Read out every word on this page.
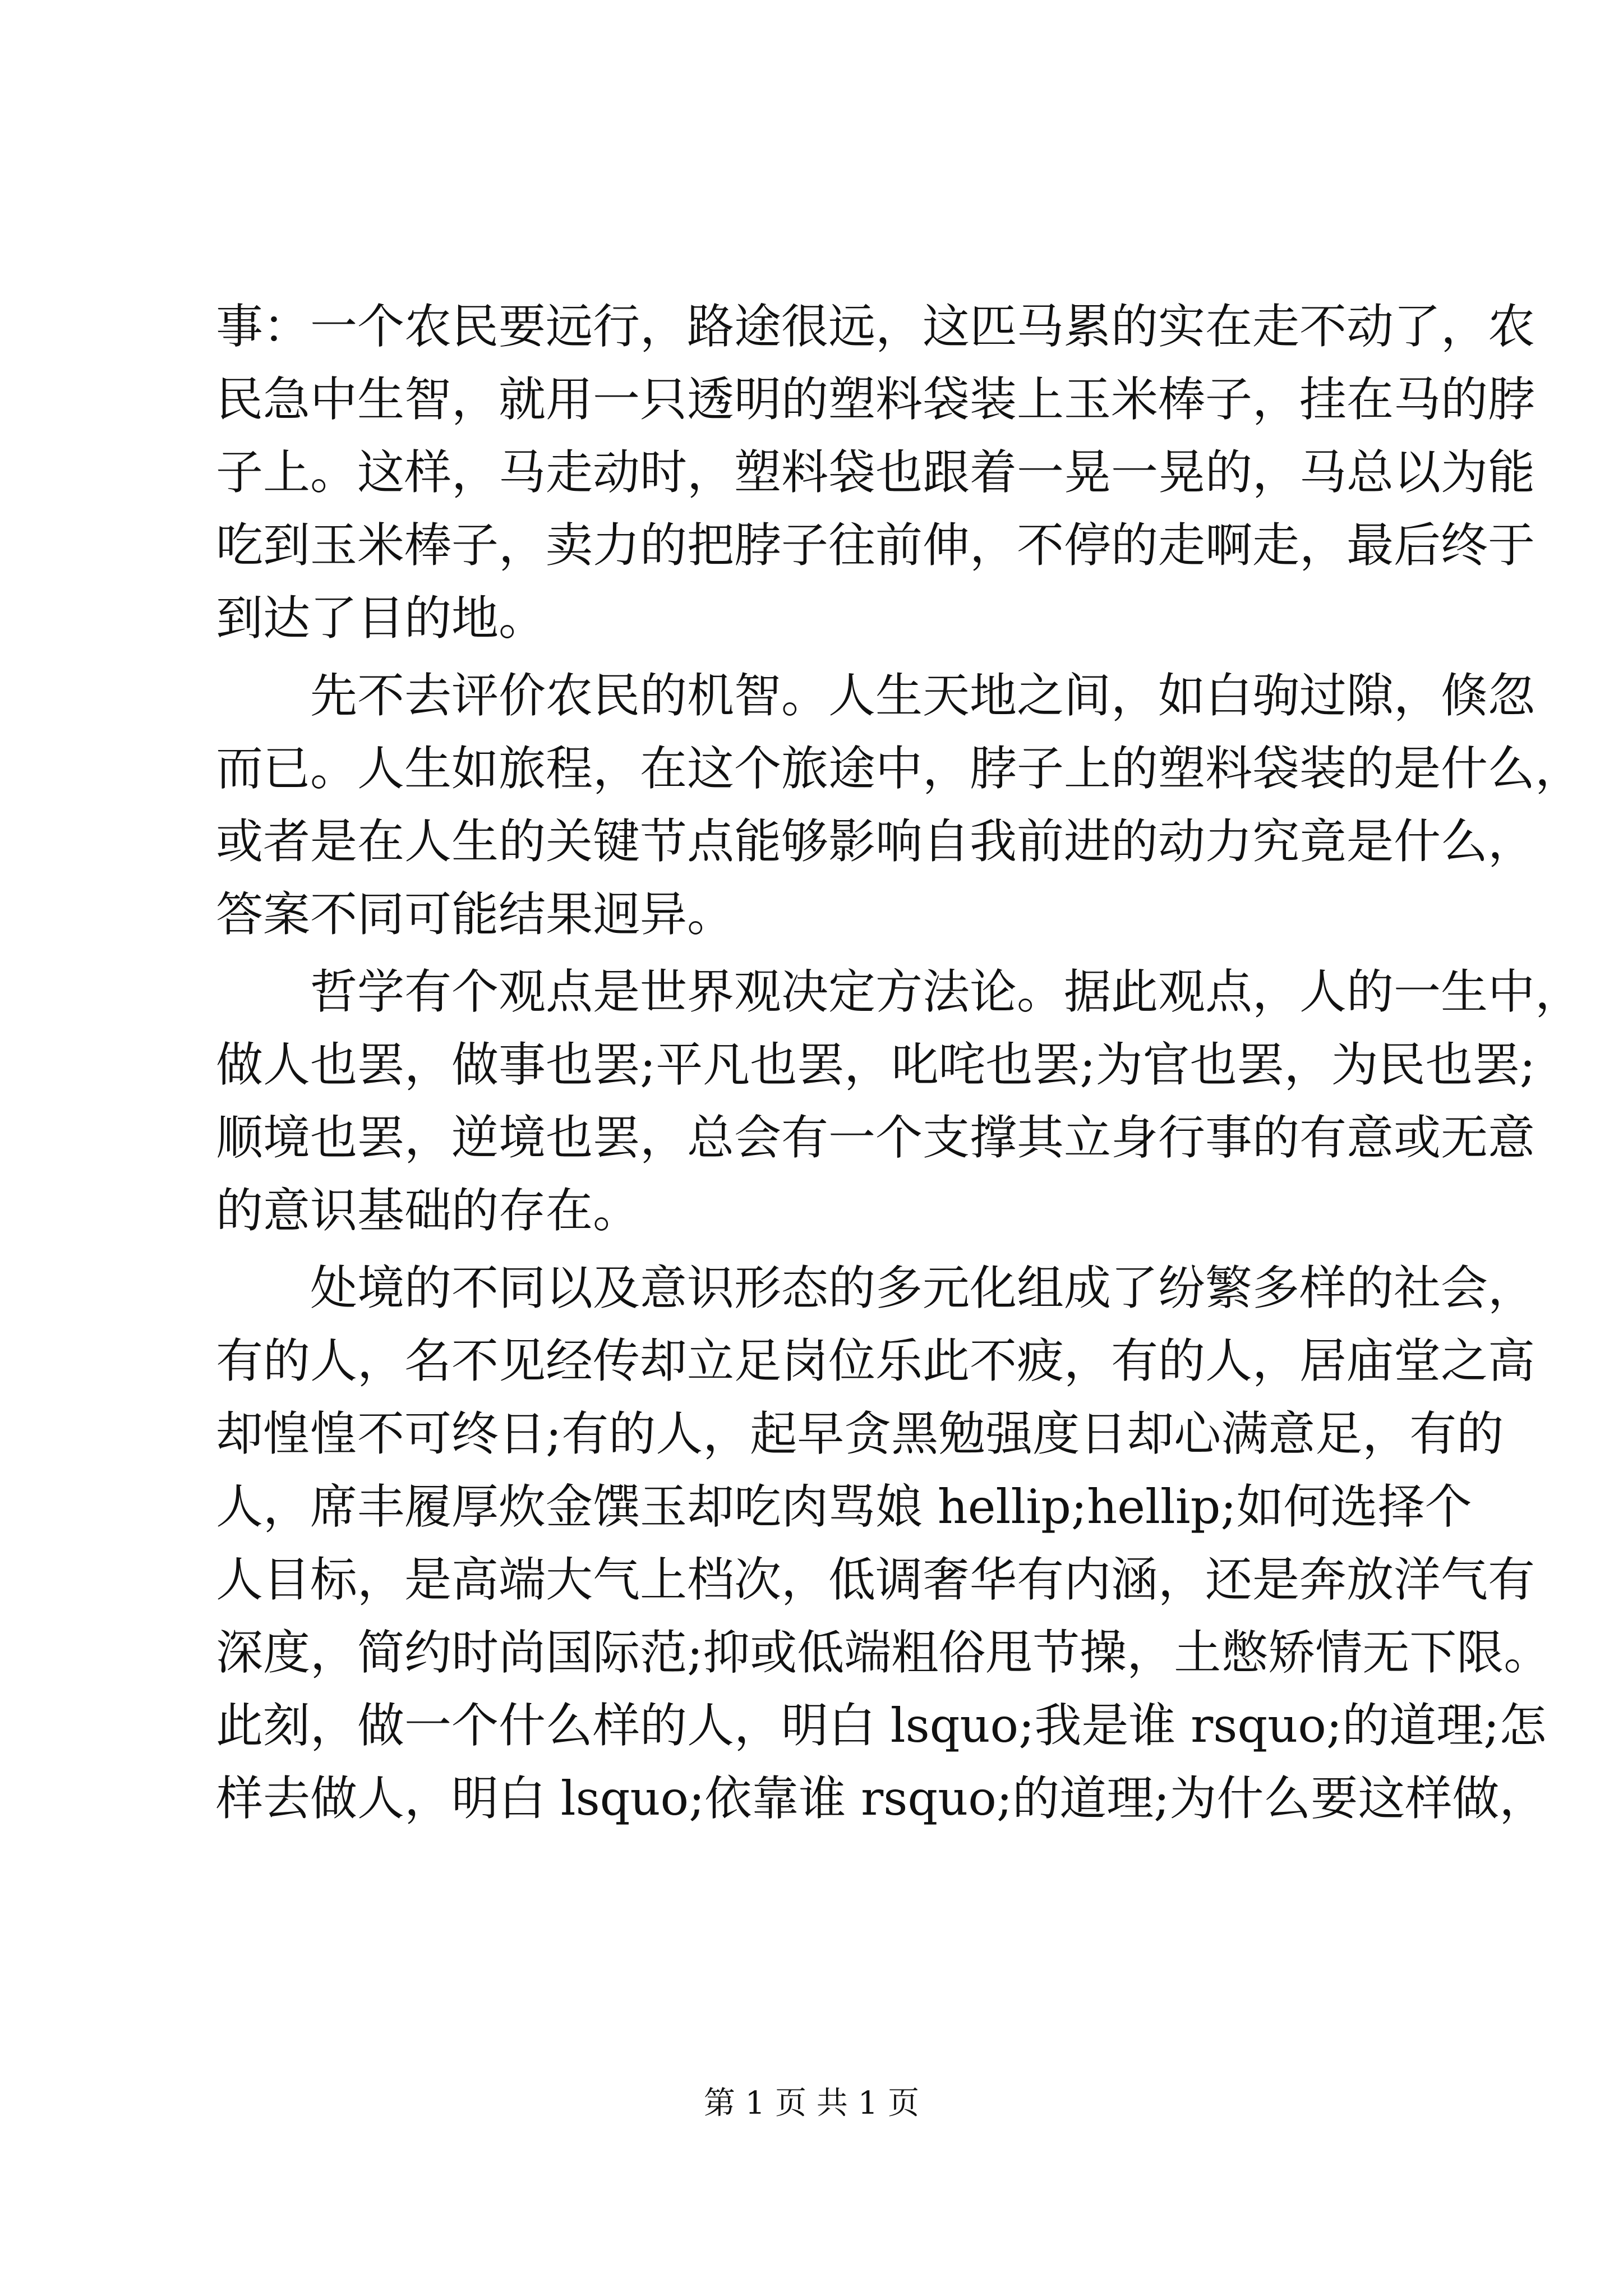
事：一个农民要远行，路途很远，这匹马累的实在走不动了，农
民急中生智，就用一只透明的塑料袋装上玉米棒子，挂在马的脖
子上。这样，马走动时，塑料袋也跟着一晃一晃的，马总以为能
吃到玉米棒子，卖力的把脖子往前伸，不停的走啊走，最后终于
到达了目的地。
先不去评价农民的机智。人生天地之间，如白驹过隙，倏忽
而已。人生如旅程，在这个旅途中，脖子上的塑料袋装的是什么，
或者是在人生的关键节点能够影响自我前进的动力究竟是什么，
答案不同可能结果迥异。
哲学有个观点是世界观决定方法论。据此观点，人的一生中，
做人也罢，做事也罢;平凡也罢，叱咤也罢;为官也罢，为民也罢;
顺境也罢，逆境也罢，总会有一个支撑其立身行事的有意或无意
的意识基础的存在。
处境的不同以及意识形态的多元化组成了纷繁多样的社会，
有的人，名不见经传却立足岗位乐此不疲，有的人，居庙堂之高
却惶惶不可终日;有的人，起早贪黑勉强度日却心满意足，有的
人，席丰履厚炊金馔玉却吃肉骂娘 hellip;hellip;如何选择个
人目标，是高端大气上档次，低调奢华有内涵，还是奔放洋气有
深度，简约时尚国际范;抑或低端粗俗甩节操，土憋矫情无下限。
此刻，做一个什么样的人，明白 lsquo;我是谁 rsquo;的道理;怎
样去做人，明白 lsquo;依靠谁 rsquo;的道理;为什么要这样做，
第 1 页 共 1 页
